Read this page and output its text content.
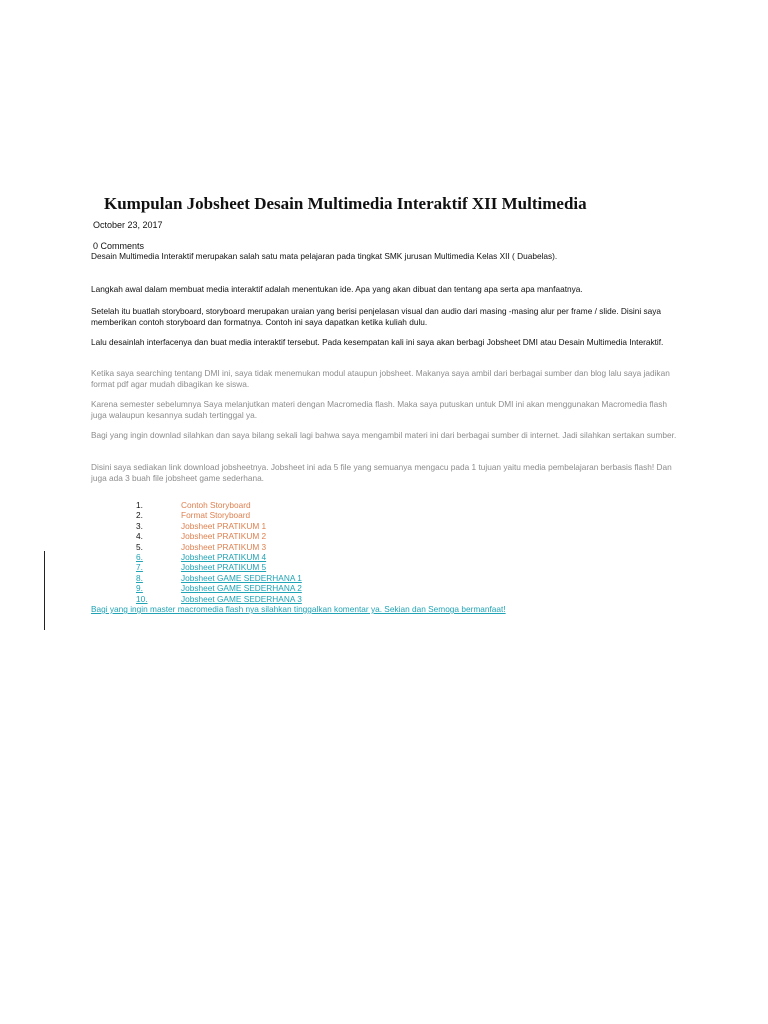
Kumpulan Jobsheet Desain Multimedia Interaktif XII Multimedia
October 23, 2017
0 Comments

Desain Multimedia Interaktif merupakan salah satu mata pelajaran pada tingkat SMK jurusan Multimedia Kelas XII ( Duabelas).

Langkah awal dalam membuat media interaktif adalah menentukan ide. Apa yang akan dibuat dan tentang apa serta apa manfaatnya.

Setelah itu buatlah storyboard, storyboard merupakan uraian yang berisi penjelasan visual dan audio dari masing -masing alur per frame / slide. Disini saya memberikan contoh storyboard dan formatnya. Contoh ini saya dapatkan ketika kuliah dulu.

Lalu desainlah interfacenya dan buat media interaktif tersebut. Pada kesempatan kali ini saya akan berbagi Jobsheet DMI atau Desain Multimedia Interaktif.

Ketika saya searching tentang DMI ini, saya tidak menemukan modul ataupun jobsheet. Makanya saya ambil dari berbagai sumber dan blog lalu saya jadikan format pdf agar mudah dibagikan ke siswa.

Karena semester sebelumnya Saya melanjutkan materi dengan Macromedia flash. Maka saya putuskan untuk DMI ini akan menggunakan Macromedia flash juga walaupun kesannya sudah tertinggal ya.

Bagi yang ingin downlad silahkan dan saya bilang sekali lagi bahwa saya mengambil materi ini dari berbagai sumber di internet. Jadi silahkan sertakan sumber.

Disini saya sediakan link download jobsheetnya. Jobsheet ini ada 5 file yang semuanya mengacu pada 1 tujuan yaitu media pembelajaran berbasis flash! Dan juga ada 3 buah file jobsheet game sederhana.

1.	Contoh Storyboard
2.	Format Storyboard
3.	Jobsheet PRATIKUM 1
4.	Jobsheet PRATIKUM 2
5.	Jobsheet PRATIKUM 3
6.	Jobsheet PRATIKUM 4
7.	Jobsheet PRATIKUM 5
8.	Jobsheet GAME SEDERHANA 1
9.	Jobsheet GAME SEDERHANA 2
10.	Jobsheet GAME SEDERHANA 3
Bagi yang ingin master macromedia flash nya silahkan tinggalkan komentar ya. Sekian dan Semoga bermanfaat!
